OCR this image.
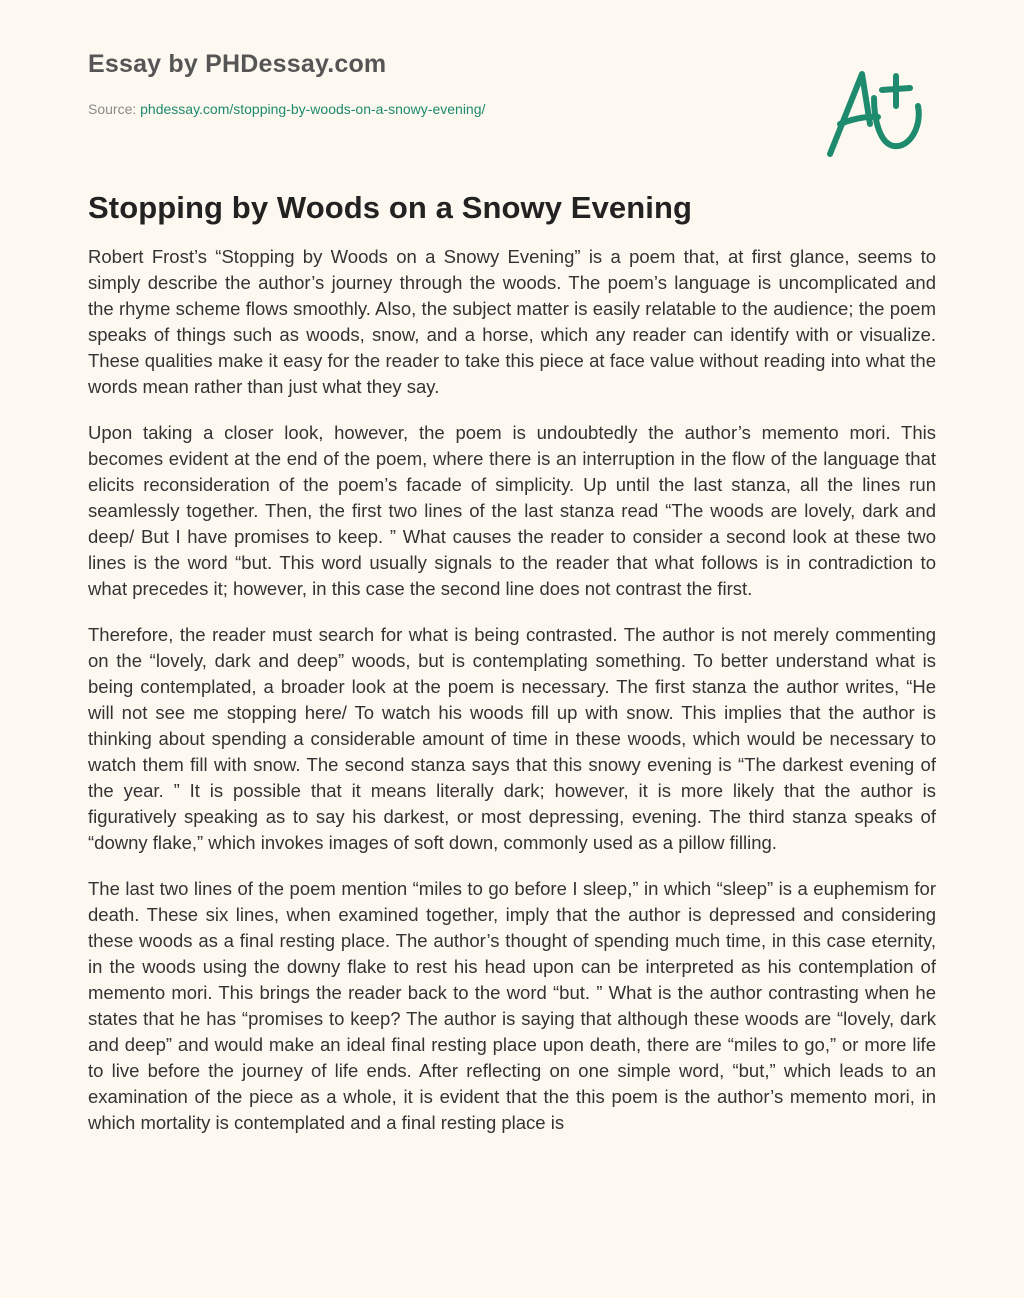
Essay by PHDessay.com
Source: phdessay.com/stopping-by-woods-on-a-snowy-evening/
Stopping by Woods on a Snowy Evening

Robert Frost’s “Stopping by Woods on a Snowy Evening” is a poem that, at first glance, seems to simply describe the author’s journey through the woods. The poem’s language is uncomplicated and the rhyme scheme flows smoothly. Also, the subject matter is easily relatable to the audience; the poem speaks of things such as woods, snow, and a horse, which any reader can identify with or visualize. These qualities make it easy for the reader to take this piece at face value without reading into what the words mean rather than just what they say.

Upon taking a closer look, however, the poem is undoubtedly the author’s memento mori. This becomes evident at the end of the poem, where there is an interruption in the flow of the language that elicits reconsideration of the poem’s facade of simplicity. Up until the last stanza, all the lines run seamlessly together. Then, the first two lines of the last stanza read “The woods are lovely, dark and deep/ But I have promises to keep. ” What causes the reader to consider a second look at these two lines is the word “but. This word usually signals to the reader that what follows is in contradiction to what precedes it; however, in this case the second line does not contrast the first.

Therefore, the reader must search for what is being contrasted. The author is not merely commenting on the “lovely, dark and deep” woods, but is contemplating something. To better understand what is being contemplated, a broader look at the poem is necessary. The first stanza the author writes, “He will not see me stopping here/ To watch his woods fill up with snow. This implies that the author is thinking about spending a considerable amount of time in these woods, which would be necessary to watch them fill with snow. The second stanza says that this snowy evening is “The darkest evening of the year. ” It is possible that it means literally dark; however, it is more likely that the author is figuratively speaking as to say his darkest, or most depressing, evening. The third stanza speaks of “downy flake,” which invokes images of soft down, commonly used as a pillow filling.

The last two lines of the poem mention “miles to go before I sleep,” in which “sleep” is a euphemism for death. These six lines, when examined together, imply that the author is depressed and considering these woods as a final resting place. The author’s thought of spending much time, in this case eternity, in the woods using the downy flake to rest his head upon can be interpreted as his contemplation of memento mori. This brings the reader back to the word “but. ” What is the author contrasting when he states that he has “promises to keep? The author is saying that although these woods are “lovely, dark and deep” and would make an ideal final resting place upon death, there are “miles to go,” or more life to live before the journey of life ends. After reflecting on one simple word, “but,” which leads to an examination of the piece as a whole, it is evident that the this poem is the author’s memento mori, in which mortality is contemplated and a final resting place is
